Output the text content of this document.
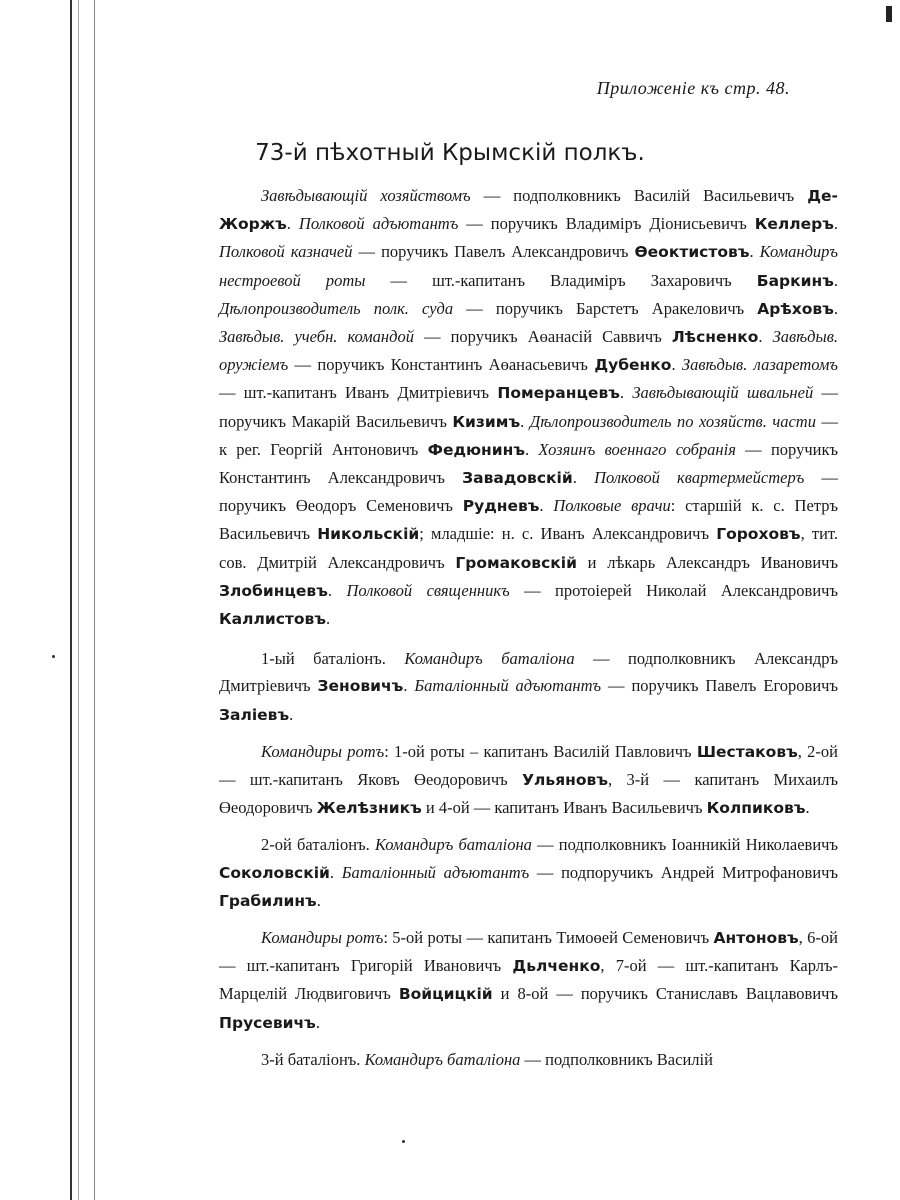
Приложеніе къ стр. 48.
73-й пѣхотный Крымскій полкъ.

Завѣдывающій хозяйствомъ — подполковникъ Василій Васильевичъ Де-Жоржъ. Полковой адъютантъ — поручикъ Владиміръ Діонисьевичъ Келлеръ. Полковой казначей — поручикъ Павелъ Александровичъ Өеоктистовъ. Командиръ нестроевой роты — шт.-капитанъ Владиміръ Захаровичъ Баркинъ. Дѣлопроизводитель полк. суда — поручикъ Барстетъ Аракеловичъ Арѣховъ. Завѣдыв. учебн. командой — поручикъ Аөанасій Саввичъ Лѣсненко. Завѣдыв. оружіемъ — поручикъ Константинъ Аөанасьевичъ Дубенко. Завѣдыв. лазаретомъ — шт.-капитанъ Иванъ Дмитріевичъ Померанцевъ. Завѣдывающій швальней — поручикъ Макарій Васильевичъ Кизимъ. Дѣлопроизводитель по хозяйств. части — к рег. Георгій Антоновичъ Федюнинъ. Хозяинъ военнаго собранія — поручикъ Константинъ Александровичъ Завадовскій. Полковой квартермейстеръ — поручикъ Өеодоръ Семеновичъ Рудневъ. Полковые врачи: старшій к. с. Петръ Васильевичъ Никольскій; младшіе: н. с. Иванъ Александровичъ Гороховъ, тит. сов. Дмитрій Александровичъ Громаковскій и лѣкарь Александръ Ивановичъ Злобинцевъ. Полковой священникъ — протоіерей Николай Александровичъ Каллистовъ.

1-ый баталіонъ. Командиръ баталіона — подполковникъ Александръ Дмитріевичъ Зеновичъ. Баталіонный адъютантъ — поручикъ Павелъ Егоровичъ Заліевъ.

Командиры ротъ: 1-ой роты – капитанъ Василій Павловичъ Шестаковъ, 2-ой — шт.-капитанъ Яковъ Өеодоровичъ Ульяновъ, 3-й — капитанъ Михаилъ Өеодоровичъ Желѣзникъ и 4-ой — капитанъ Иванъ Васильевичъ Колпиковъ.

2-ой баталіонъ. Командиръ баталіона — подполковникъ Іоанникій Николаевичъ Соколовскій. Баталіонный адъютантъ — подпоручикъ Андрей Митрофановичъ Грабилинъ.

Командиры ротъ: 5-ой роты — капитанъ Тимоөей Семеновичъ Антоновъ, 6-ой — шт.-капитанъ Григорій Ивановичъ Дьлченко, 7-ой — шт.-капитанъ Карлъ-Марцелій Людвиговичъ Войцицкій и 8-ой — поручикъ Станиславъ Вацлавовичъ Прусевичъ.

3-й баталіонъ. Командиръ баталіона — подполковникъ Василій
